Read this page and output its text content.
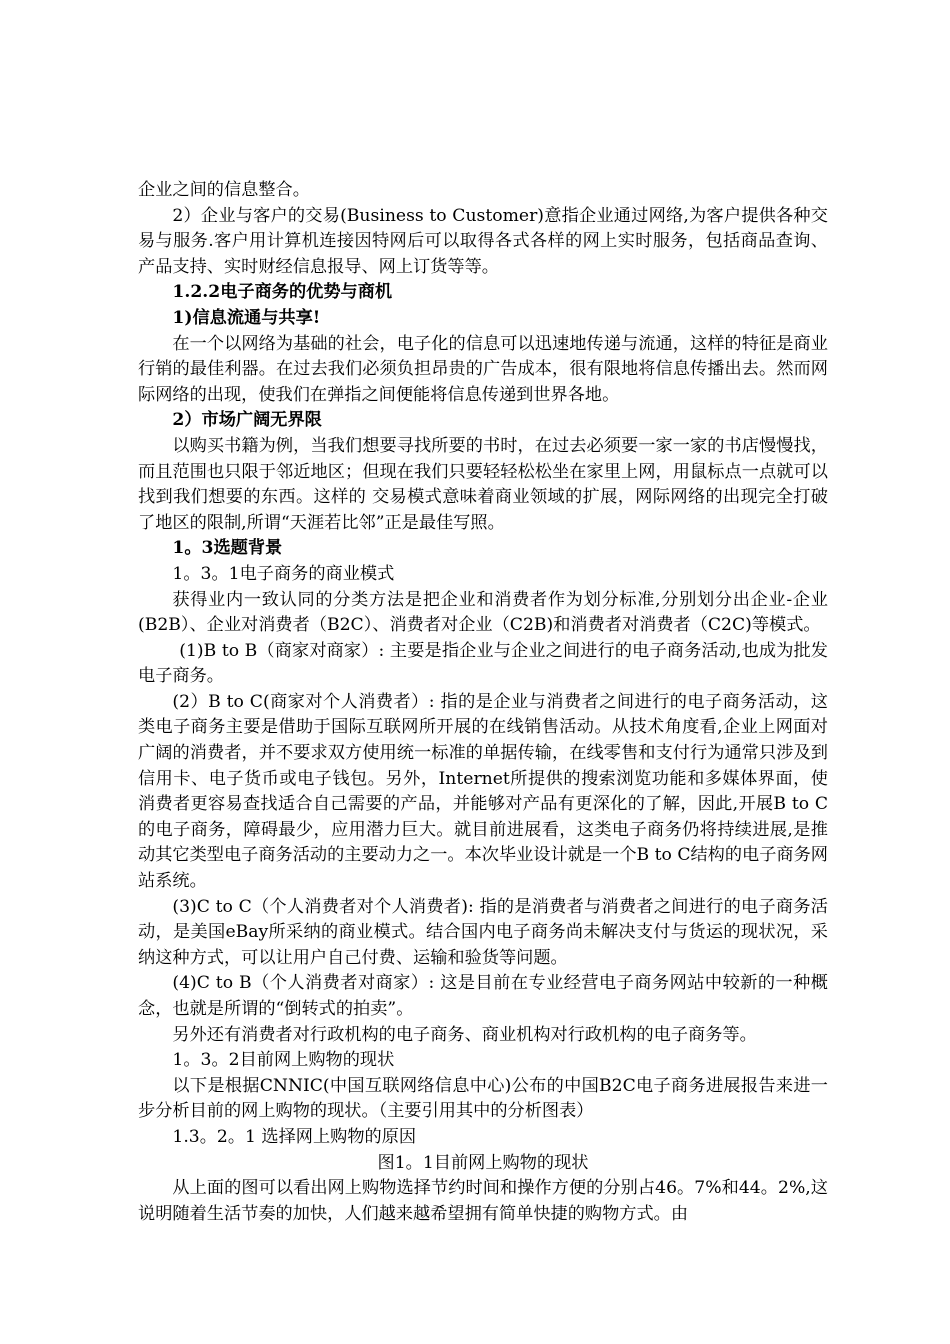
企业之间的信息整合。

2）企业与客户的交易(Business to Customer)意指企业通过网络,为客户提供各种交易与服务.客户用计算机连接因特网后可以取得各式各样的网上实时服务，包括商品查询、产品支持、实时财经信息报导、网上订货等等。

1.2.2电子商务的优势与商机

1)信息流通与共享!

在一个以网络为基础的社会，电子化的信息可以迅速地传递与流通，这样的特征是商业行销的最佳利器。在过去我们必须负担昂贵的广告成本，很有限地将信息传播出去。然而网际网络的出现，使我们在弹指之间便能将信息传递到世界各地。

2）市场广阔无界限

以购买书籍为例，当我们想要寻找所要的书时，在过去必须要一家一家的书店慢慢找，而且范围也只限于邻近地区；但现在我们只要轻轻松松坐在家里上网，用鼠标点一点就可以找到我们想要的东西。这样的 交易模式意味着商业领域的扩展，网际网络的出现完全打破了地区的限制,所谓“天涯若比邻”正是最佳写照。

1。3选题背景

1。3。1电子商务的商业模式

获得业内一致认同的分类方法是把企业和消费者作为划分标准,分别划分出企业-企业(B2B）、企业对消费者（B2C）、消费者对企业（C2B)和消费者对消费者（C2C)等模式。

(1)B to B（商家对商家）: 主要是指企业与企业之间进行的电子商务活动,也成为批发电子商务。

(2）B to C(商家对个人消费者）: 指的是企业与消费者之间进行的电子商务活动，这类电子商务主要是借助于国际互联网所开展的在线销售活动。从技术角度看,企业上网面对广阔的消费者，并不要求双方使用统一标准的单据传输，在线零售和支付行为通常只涉及到信用卡、电子货币或电子钱包。另外，Internet所提供的搜索浏览功能和多媒体界面，使消费者更容易查找适合自己需要的产品，并能够对产品有更深化的了解，因此,开展B to C的电子商务，障碍最少，应用潜力巨大。就目前进展看，这类电子商务仍将持续进展,是推动其它类型电子商务活动的主要动力之一。本次毕业设计就是一个B to C结构的电子商务网站系统。

(3)C to C（个人消费者对个人消费者): 指的是消费者与消费者之间进行的电子商务活动，是美国eBay所采纳的商业模式。结合国内电子商务尚未解决支付与货运的现状况，采纳这种方式，可以让用户自己付费、运输和验货等问题。

(4)C to B（个人消费者对商家）: 这是目前在专业经营电子商务网站中较新的一种概念，也就是所谓的“倒转式的拍卖”。

另外还有消费者对行政机构的电子商务、商业机构对行政机构的电子商务等。

1。3。2目前网上购物的现状

以下是根据CNNIC(中国互联网络信息中心)公布的中国B2C电子商务进展报告来进一步分析目前的网上购物的现状。（主要引用其中的分析图表）

1.3。2。1 选择网上购物的原因

图1。1目前网上购物的现状

从上面的图可以看出网上购物选择节约时间和操作方便的分别占46。7%和44。2%,这说明随着生活节奏的加快，人们越来越希望拥有简单快捷的购物方式。由
